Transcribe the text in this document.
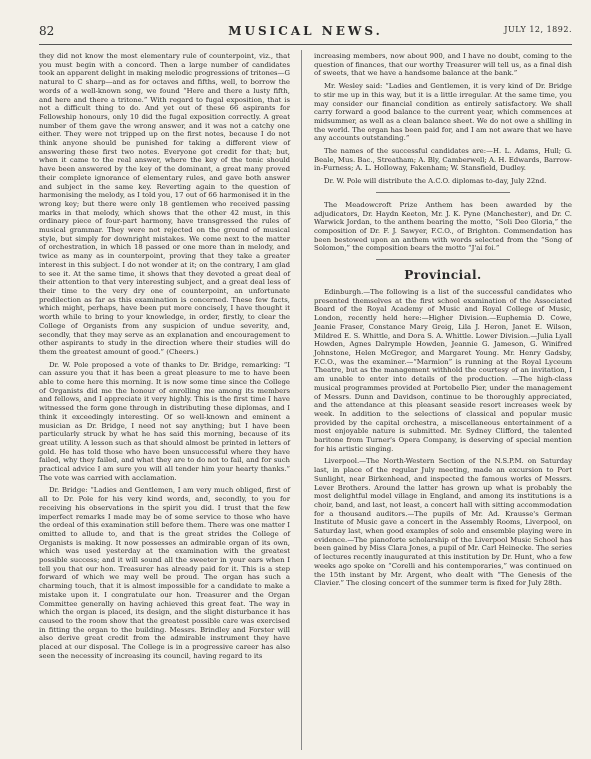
82	MUSICAL NEWS.	JULY 12, 1892.

they did not know the most elementary rule of counterpoint, viz., that you must begin with a concord. Then a large number of candidates took an apparent delight in making melodic progressions of tritones—G natural to C sharp—and as for octaves and fifths, well, to borrow the words of a well-known song, we found “Here and there a lusty fifth, and here and there a tritone.” With regard to fugal exposition, that is not a difficult thing to do. And yet out of these 66 aspirants for Fellowship honours, only 10 did the fugal exposition correctly. A great number of them gave the wrong answer, and it was not a catchy one either. They were not tripped up on the first notes, because I do not think anyone should be punished for taking a different view of answering these first two notes. Everyone got credit for that; but, when it came to the real answer, where the key of the tonic should have been answered by the key of the dominant, a great many proved their complete ignorance of elementary rules, and gave both answer and subject in the same key. Reverting again to the question of harmonising the melody, as I told you, 17 out of 66 harmonised it in the wrong key; but there were only 18 gentlemen who received passing marks in that melody, which shows that the other 42 must, in this ordinary piece of four-part harmony, have transgressed the rules of musical grammar. They were not rejected on the ground of musical style, but simply for downright mistakes. We come next to the matter of orchestration, in which 18 passed or one more than in melody, and twice as many as in counterpoint, proving that they take a greater interest in this subject. I do not wonder at it; on the contrary, I am glad to see it. At the same time, it shows that they devoted a great deal of their attention to that very interesting subject, and a great deal less of their time to the very dry one of counterpoint, an unfortunate predilection as far as this examination is concerned. These few facts, which might, perhaps, have been put more concisely, I have thought it worth while to bring to your knowledge, in order, firstly, to clear the College of Organists from any suspicion of undue severity, and, secondly, that they may serve as an explanation and encouragement to other aspirants to study in the direction where their studies will do them the greatest amount of good.” (Cheers.)

Dr. W. Pole proposed a vote of thanks to Dr. Bridge, remarking: “I can assure you that it has been a great pleasure to me to have been able to come here this morning. It is now some time since the College of Organists did me the honour of enrolling me among its members and fellows, and I appreciate it very highly. This is the first time I have witnessed the form gone through in distributing these diplomas, and I think it exceedingly interesting. Of so well-known and eminent a musician as Dr. Bridge, I need not say anything; but I have been particularly struck by what he has said this morning, because of its great utility. A lesson such as that should almost be printed in letters of gold. He has told those who have been unsuccessful where they have failed, why they failed, and what they are to do not to fail, and for such practical advice I am sure you will all tender him your hearty thanks.” The vote was carried with acclamation.

Dr. Bridge: “Ladies and Gentlemen, I am very much obliged, first of all to Dr. Pole for his very kind words, and, secondly, to you for receiving his observations in the spirit you did. I trust that the few imperfect remarks I made may be of some service to those who have the ordeal of this examination still before them. There was one matter I omitted to allude to, and that is the great strides the College of Organists is making. It now possesses an admirable organ of its own, which was used yesterday at the examination with the greatest possible success; and it will sound all the sweeter in your ears when I tell you that our hon. Treasurer has already paid for it. This is a step forward of which we may well be proud. The organ has such a charming touch, that it is almost impossible for a candidate to make a mistake upon it. I congratulate our hon. Treasurer and the Organ Committee generally on having achieved this great feat. The way in which the organ is placed, its design, and the slight disturbance it has caused to the room show that the greatest possible care was exercised in fitting the organ to the building. Messrs. Brindley and Forster will also derive great credit from the admirable instrument they have placed at our disposal. The College is in a progressive career has also seen the necessity of increasing its council, having regard to its

increasing members, now about 900, and I have no doubt, coming to the question of finances, that our worthy Treasurer will tell us, as a final dish of sweets, that we have a handsome balance at the bank.”

Mr. Wesley said: “Ladies and Gentlemen, it is very kind of Dr. Bridge to stir me up in this way, but it is a little irregular. At the same time, you may consider our financial condition as entirely satisfactory. We shall carry forward a good balance to the current year, which commences at midsummer, as well as a clean balance sheet. We do not owe a shilling in the world. The organ has been paid for, and I am not aware that we have any accounts outstanding.”

The names of the successful candidates are:—H. L. Adams, Hull; G. Beale, Mus. Bac., Streatham; A. Bly, Camberwell; A. H. Edwards, Barrow-in-Furness; A. L. Holloway, Fakenham; W. Stansfield, Dudley.

Dr. W. Pole will distribute the A.C.O. diplomas to-day, July 22nd.

The Meadowcroft Prize Anthem has been awarded by the adjudicators, Dr. Haydn Keeton, Mr. J. K. Pyne (Manchester), and Dr. C. Warwick Jordan, to the anthem bearing the motto, “Soli Deo Gloria,” the composition of Dr. F. J. Sawyer, F.C.O., of Brighton. Commendation has been bestowed upon an anthem with words selected from the “Song of Solomon,” the composition bears the motto “J'ai foi.”

Provincial.

Edinburgh.—The following is a list of the successful candidates who presented themselves at the first school examination of the Associated Board of the Royal Academy of Music and Royal College of Music, London, recently held here:—Higher Division.—Euphemia D. Cowe, Jeanie Fraser, Constance Mary Greig, Lila J. Heron, Janet E. Wilson, Mildred E. S. Whittle, and Dora S. A. Whittle. Lower Division.—Julia Lyall Howden, Agnes Dalrymple Howden, Jeannie G. Jameson, G. Winifred Johnstone, Helen McGregor, and Margaret Young. Mr. Henry Gadsby, F.C.O., was the examiner.—“Marmion” is running at the Royal Lyceum Theatre, but as the management withhold the courtesy of an invitation, I am unable to enter into details of the production. —The high-class musical programmes provided at Portobello Pier, under the management of Messrs. Dunn and Davidson, continue to be thoroughly appreciated, and the attendance at this pleasant seaside resort increases week by week. In addition to the selections of classical and popular music provided by the capital orchestra, a miscellaneous entertainment of a most enjoyable nature is submitted. Mr. Sydney Clifford, the talented baritone from Turner's Opera Company, is deserving of special mention for his artistic singing.

Liverpool.—The North-Western Section of the N.S.P.M. on Saturday last, in place of the regular July meeting, made an excursion to Port Sunlight, near Birkenhead, and inspected the famous works of Messrs. Lever Brothers. Around the latter has grown up what is probably the most delightful model village in England, and among its institutions is a choir, band, and last, not least, a concert hall with sitting accommodation for a thousand auditors.—The pupils of Mr. Ad. Krausse's German Institute of Music gave a concert in the Assembly Rooms, Liverpool, on Saturday last, when good examples of solo and ensemble playing were in evidence.—The pianoforte scholarship of the Liverpool Music School has been gained by Miss Clara Jones, a pupil of Mr. Carl Heinecke. The series of lectures recently inaugurated at this institution by Dr. Hunt, who a few weeks ago spoke on “Corelli and his contemporaries,” was continued on the 15th instant by Mr. Argent, who dealt with “The Genesis of the Clavier.” The closing concert of the summer term is fixed for July 28th.
